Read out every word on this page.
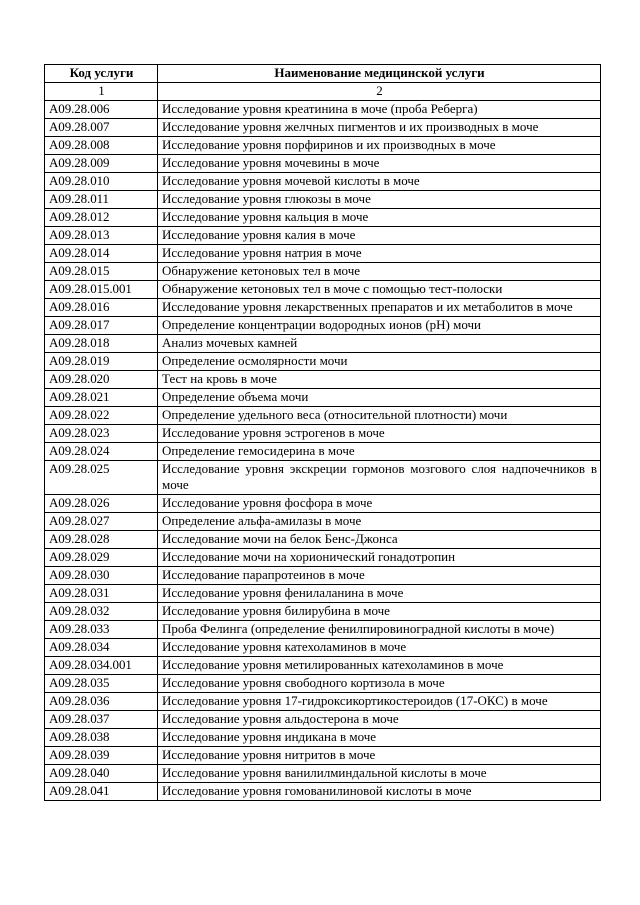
Код услуги	Наименование медицинской услуги
1	2
A09.28.006	Исследование уровня креатинина в моче (проба Реберга)
A09.28.007	Исследование уровня желчных пигментов и их производных в моче
A09.28.008	Исследование уровня порфиринов и их производных в моче
A09.28.009	Исследование уровня мочевины в моче
A09.28.010	Исследование уровня мочевой кислоты в моче
A09.28.011	Исследование уровня глюкозы в моче
A09.28.012	Исследование уровня кальция в моче
A09.28.013	Исследование уровня калия в моче
A09.28.014	Исследование уровня натрия в моче
A09.28.015	Обнаружение кетоновых тел в моче
A09.28.015.001	Обнаружение кетоновых тел в моче с помощью тест-полоски
A09.28.016	Исследование уровня лекарственных препаратов и их метаболитов в моче
A09.28.017	Определение концентрации водородных ионов (pH) мочи
A09.28.018	Анализ мочевых камней
A09.28.019	Определение осмолярности мочи
A09.28.020	Тест на кровь в моче
A09.28.021	Определение объема мочи
A09.28.022	Определение удельного веса (относительной плотности) мочи
A09.28.023	Исследование уровня эстрогенов в моче
A09.28.024	Определение гемосидерина в моче
A09.28.025	Исследование уровня экскреции гормонов мозгового слоя надпочечников в моче
A09.28.026	Исследование уровня фосфора в моче
A09.28.027	Определение альфа-амилазы в моче
A09.28.028	Исследование мочи на белок Бенс-Джонса
A09.28.029	Исследование мочи на хорионический гонадотропин
A09.28.030	Исследование парапротеинов в моче
A09.28.031	Исследование уровня фенилаланина в моче
A09.28.032	Исследование уровня билирубина в моче
A09.28.033	Проба Фелинга (определение фенилпировиноградной кислоты в моче)
A09.28.034	Исследование уровня катехоламинов в моче
A09.28.034.001	Исследование уровня метилированных катехоламинов в моче
A09.28.035	Исследование уровня свободного кортизола в моче
A09.28.036	Исследование уровня 17-гидроксикортикостероидов (17-ОКС) в моче
A09.28.037	Исследование уровня альдостерона в моче
A09.28.038	Исследование уровня индикана в моче
A09.28.039	Исследование уровня нитритов в моче
A09.28.040	Исследование уровня ванилилминдальной кислоты в моче
A09.28.041	Исследование уровня гомованилиновой кислоты в моче
